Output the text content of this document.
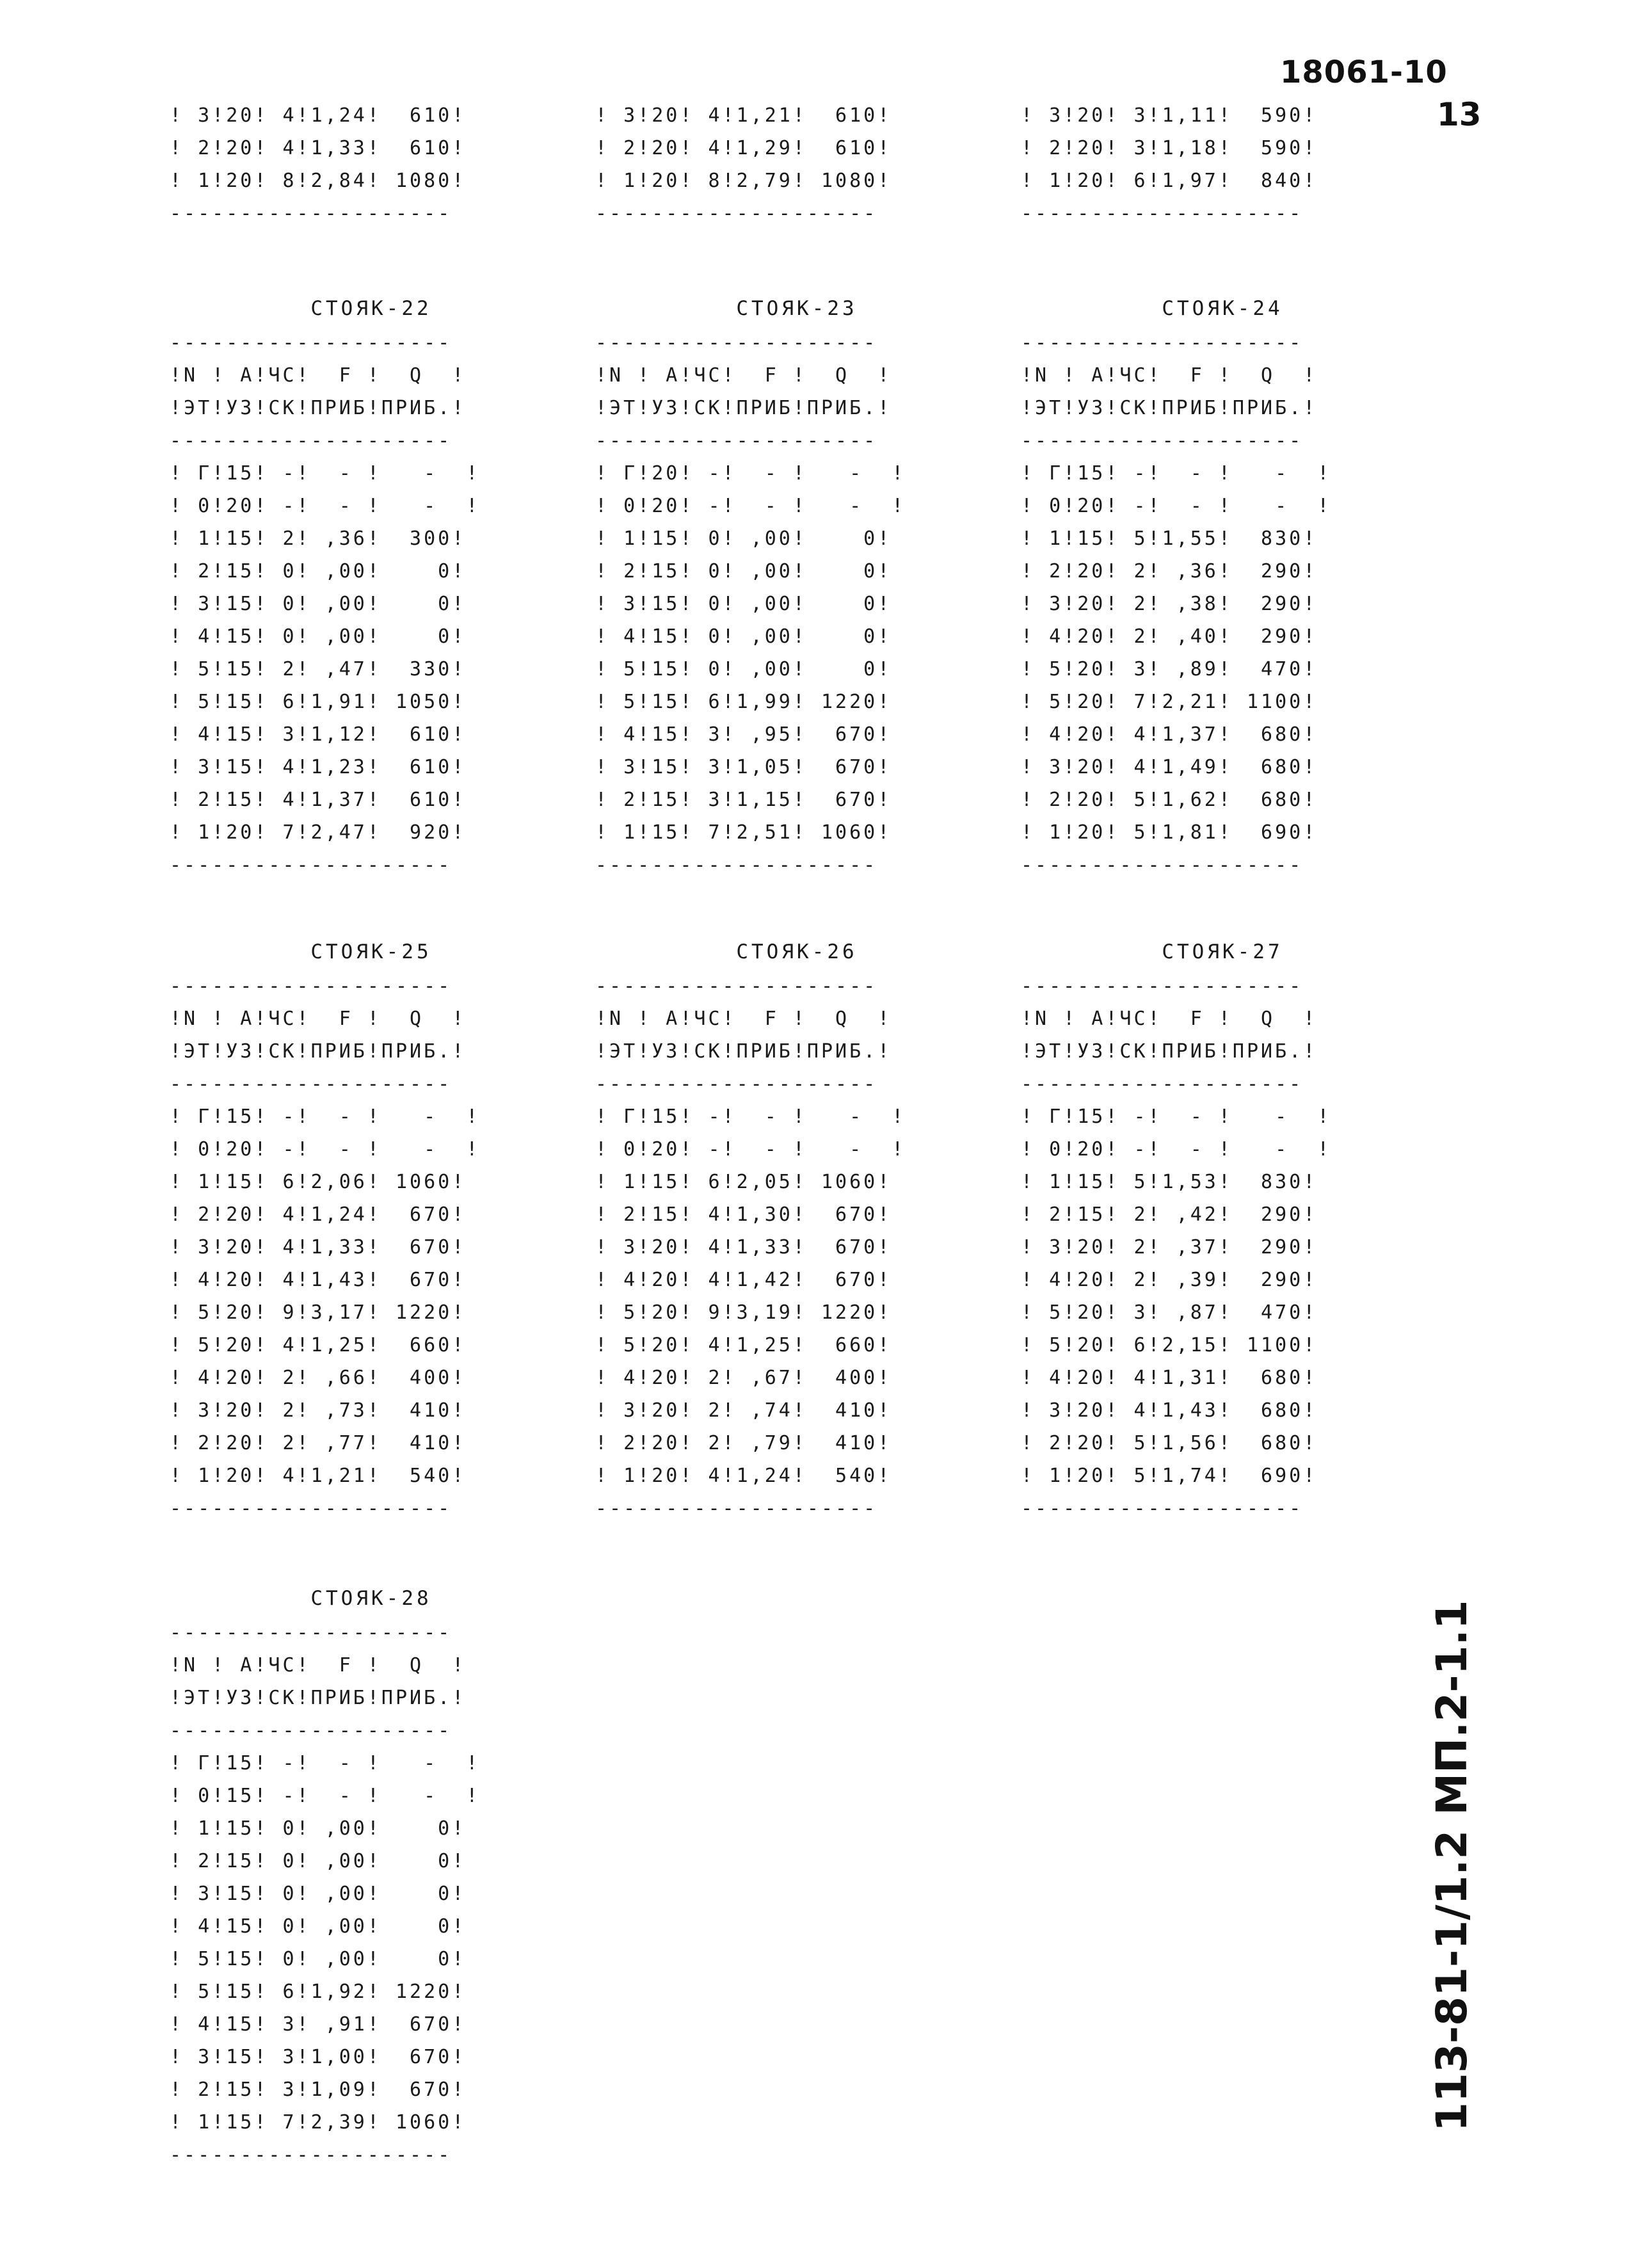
18061-10
13
113-81-1/1.2 МП.2-1.1
! 3!20! 4!1,24!  610!
! 2!20! 4!1,33!  610!
! 1!20! 8!2,84! 1080!
--------------------
! 3!20! 4!1,21!  610!
! 2!20! 4!1,29!  610!
! 1!20! 8!2,79! 1080!
--------------------
! 3!20! 3!1,11!  590!
! 2!20! 3!1,18!  590!
! 1!20! 6!1,97!  840!
--------------------
СТОЯК-22
--------------------
!N ! A!ЧС!  F !  Q  !
!ЭТ!УЗ!СК!ПРИБ!ПРИБ.!
--------------------
! Г!15! -!  - !   -  !
! 0!20! -!  - !   -  !
! 1!15! 2! ,36!  300!
! 2!15! 0! ,00!    0!
! 3!15! 0! ,00!    0!
! 4!15! 0! ,00!    0!
! 5!15! 2! ,47!  330!
! 5!15! 6!1,91! 1050!
! 4!15! 3!1,12!  610!
! 3!15! 4!1,23!  610!
! 2!15! 4!1,37!  610!
! 1!20! 7!2,47!  920!
--------------------
СТОЯК-23
--------------------
!N ! A!ЧС!  F !  Q  !
!ЭТ!УЗ!СК!ПРИБ!ПРИБ.!
--------------------
! Г!20! -!  - !   -  !
! 0!20! -!  - !   -  !
! 1!15! 0! ,00!    0!
! 2!15! 0! ,00!    0!
! 3!15! 0! ,00!    0!
! 4!15! 0! ,00!    0!
! 5!15! 0! ,00!    0!
! 5!15! 6!1,99! 1220!
! 4!15! 3! ,95!  670!
! 3!15! 3!1,05!  670!
! 2!15! 3!1,15!  670!
! 1!15! 7!2,51! 1060!
--------------------
СТОЯК-24
--------------------
!N ! A!ЧС!  F !  Q  !
!ЭТ!УЗ!СК!ПРИБ!ПРИБ.!
--------------------
! Г!15! -!  - !   -  !
! 0!20! -!  - !   -  !
! 1!15! 5!1,55!  830!
! 2!20! 2! ,36!  290!
! 3!20! 2! ,38!  290!
! 4!20! 2! ,40!  290!
! 5!20! 3! ,89!  470!
! 5!20! 7!2,21! 1100!
! 4!20! 4!1,37!  680!
! 3!20! 4!1,49!  680!
! 2!20! 5!1,62!  680!
! 1!20! 5!1,81!  690!
--------------------
СТОЯК-25
--------------------
!N ! A!ЧС!  F !  Q  !
!ЭТ!УЗ!СК!ПРИБ!ПРИБ.!
--------------------
! Г!15! -!  - !   -  !
! 0!20! -!  - !   -  !
! 1!15! 6!2,06! 1060!
! 2!20! 4!1,24!  670!
! 3!20! 4!1,33!  670!
! 4!20! 4!1,43!  670!
! 5!20! 9!3,17! 1220!
! 5!20! 4!1,25!  660!
! 4!20! 2! ,66!  400!
! 3!20! 2! ,73!  410!
! 2!20! 2! ,77!  410!
! 1!20! 4!1,21!  540!
--------------------
СТОЯК-26
--------------------
!N ! A!ЧС!  F !  Q  !
!ЭТ!УЗ!СК!ПРИБ!ПРИБ.!
--------------------
! Г!15! -!  - !   -  !
! 0!20! -!  - !   -  !
! 1!15! 6!2,05! 1060!
! 2!15! 4!1,30!  670!
! 3!20! 4!1,33!  670!
! 4!20! 4!1,42!  670!
! 5!20! 9!3,19! 1220!
! 5!20! 4!1,25!  660!
! 4!20! 2! ,67!  400!
! 3!20! 2! ,74!  410!
! 2!20! 2! ,79!  410!
! 1!20! 4!1,24!  540!
--------------------
СТОЯК-27
--------------------
!N ! A!ЧС!  F !  Q  !
!ЭТ!УЗ!СК!ПРИБ!ПРИБ.!
--------------------
! Г!15! -!  - !   -  !
! 0!20! -!  - !   -  !
! 1!15! 5!1,53!  830!
! 2!15! 2! ,42!  290!
! 3!20! 2! ,37!  290!
! 4!20! 2! ,39!  290!
! 5!20! 3! ,87!  470!
! 5!20! 6!2,15! 1100!
! 4!20! 4!1,31!  680!
! 3!20! 4!1,43!  680!
! 2!20! 5!1,56!  680!
! 1!20! 5!1,74!  690!
--------------------
СТОЯК-28
--------------------
!N ! A!ЧС!  F !  Q  !
!ЭТ!УЗ!СК!ПРИБ!ПРИБ.!
--------------------
! Г!15! -!  - !   -  !
! 0!15! -!  - !   -  !
! 1!15! 0! ,00!    0!
! 2!15! 0! ,00!    0!
! 3!15! 0! ,00!    0!
! 4!15! 0! ,00!    0!
! 5!15! 0! ,00!    0!
! 5!15! 6!1,92! 1220!
! 4!15! 3! ,91!  670!
! 3!15! 3!1,00!  670!
! 2!15! 3!1,09!  670!
! 1!15! 7!2,39! 1060!
--------------------
